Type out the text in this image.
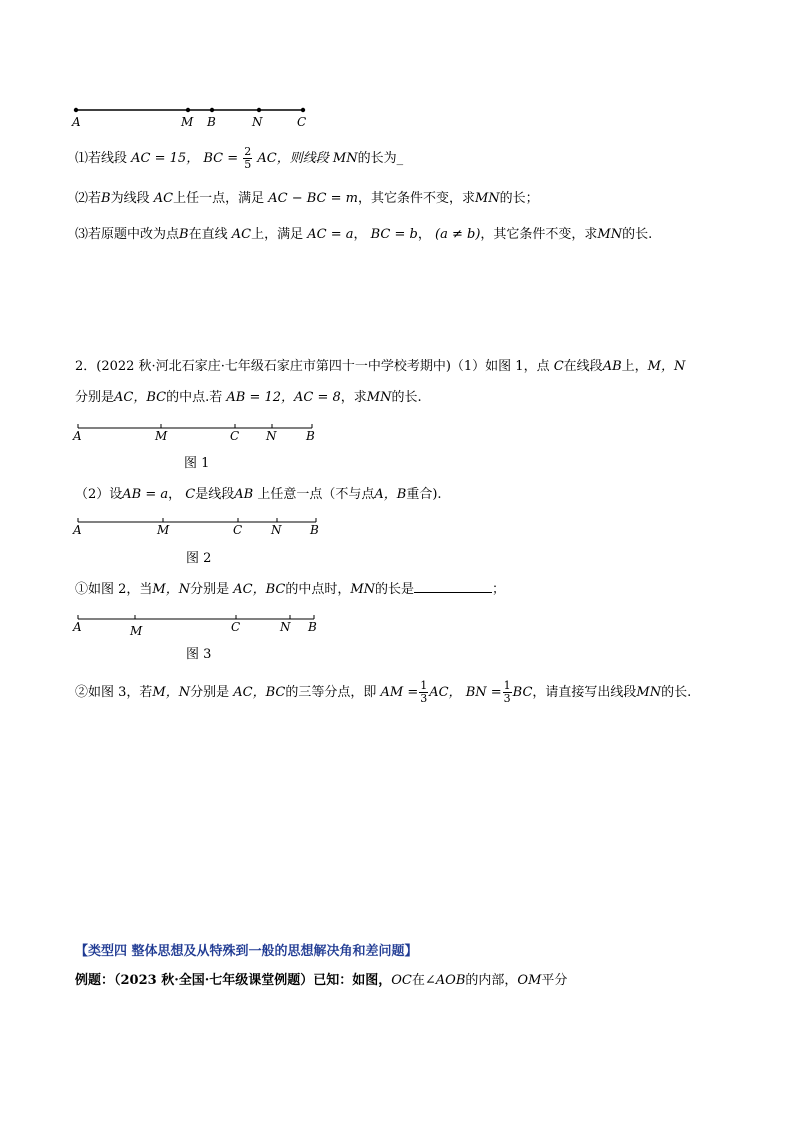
A	M B	N	C
⑴若线段 AC = 15， BC = $\frac{2}{5}$ AC，则线段 MN的长为_
⑵若B为线段 AC上任一点，满足 AC − BC = m，其它条件不变，求MN的长；
⑶若原题中改为点B在直线 AC上，满足 AC = a， BC = b， (a ≠ b)，其它条件不变，求MN的长.
2．(2022 秋·河北石家庄·七年级石家庄市第四十一中学校考期中)（1）如图 1，点 C在线段AB上，M，N
分别是AC，BC的中点.若 AB = 12，AC = 8，求MN的长.
A	M	C N B
图 1
（2）设AB = a， C是线段AB 上任意一点（不与点A，B重合).
A	M	C N B
图 2
①如图 2，当M，N分别是 AC，BC的中点时，MN的长是	；
A	M	C	N B
图 3
②如图 3，若M，N分别是 AC，BC的三等分点，即 AM = $\frac{1}{3}$ AC， BN = $\frac{1}{3}$ BC，请直接写出线段MN的长.
【类型四 整体思想及从特殊到一般的思想解决角和差问题】
例题：（2023 秋·全国·七年级课堂例题）已知：如图，OC在∠AOB的内部，OM平分
